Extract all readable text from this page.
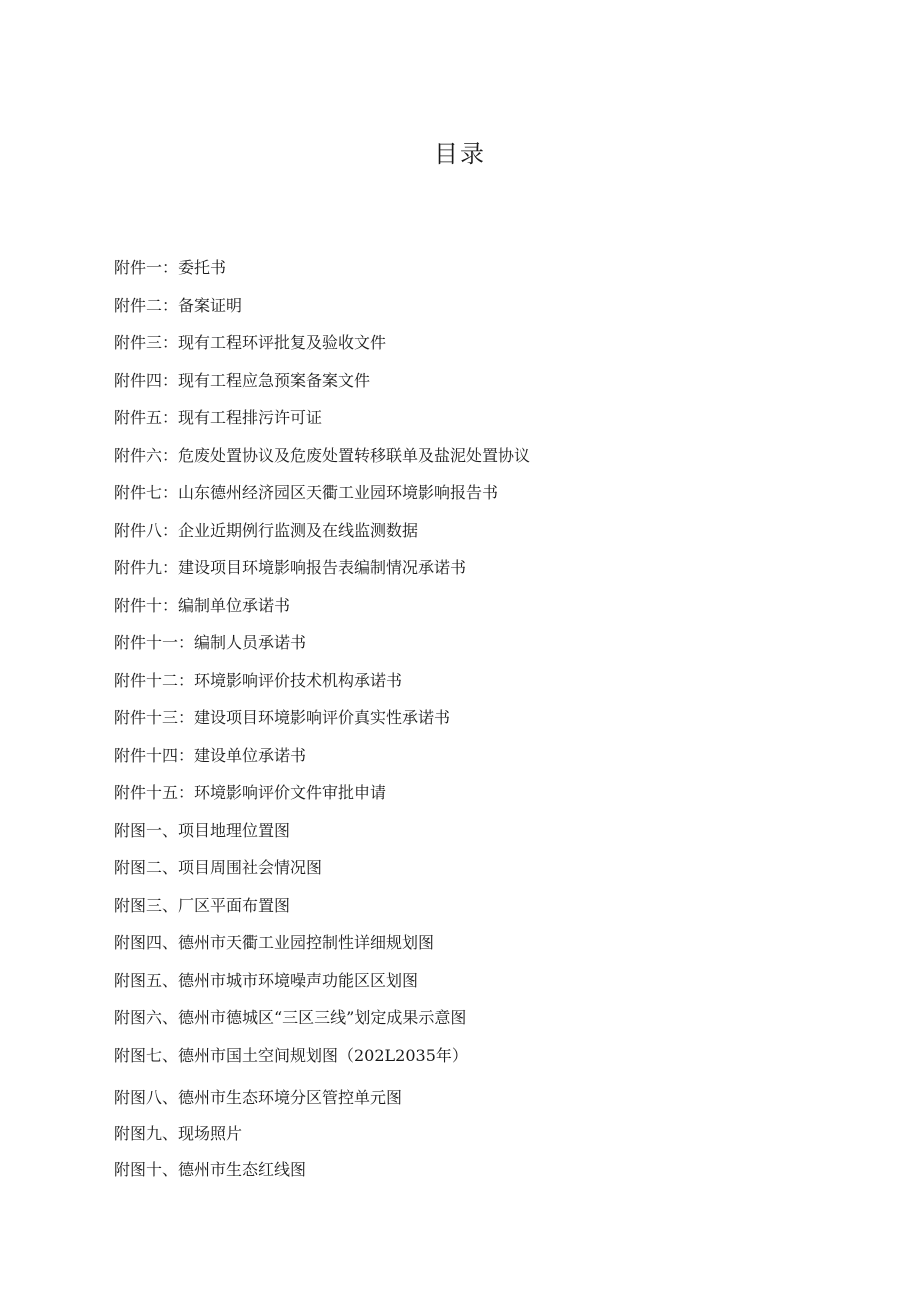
目录
附件一：委托书
附件二：备案证明
附件三：现有工程环评批复及验收文件
附件四：现有工程应急预案备案文件
附件五：现有工程排污许可证
附件六：危废处置协议及危废处置转移联单及盐泥处置协议
附件七：山东德州经济园区天衢工业园环境影响报告书
附件八：企业近期例行监测及在线监测数据
附件九：建设项目环境影响报告表编制情况承诺书
附件十：编制单位承诺书
附件十一：编制人员承诺书
附件十二：环境影响评价技术机构承诺书
附件十三：建设项目环境影响评价真实性承诺书
附件十四：建设单位承诺书
附件十五：环境影响评价文件审批申请
附图一、项目地理位置图
附图二、项目周围社会情况图
附图三、厂区平面布置图
附图四、德州市天衢工业园控制性详细规划图
附图五、德州市城市环境噪声功能区区划图
附图六、德州市德城区“三区三线”划定成果示意图
附图七、德州市国土空间规划图（202L2035年）
附图八、德州市生态环境分区管控单元图
附图九、现场照片
附图十、德州市生态红线图
